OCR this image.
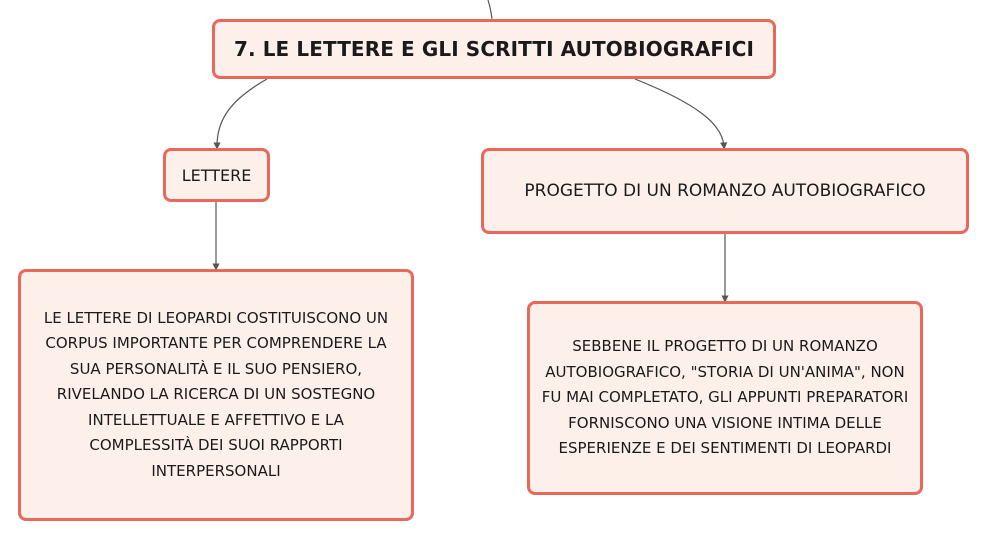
7. LE LETTERE E GLI SCRITTI AUTOBIOGRAFICI
LETTERE
PROGETTO DI UN ROMANZO AUTOBIOGRAFICO
LE LETTERE DI LEOPARDI COSTITUISCONO UN CORPUS IMPORTANTE PER COMPRENDERE LA SUA PERSONALITÀ E IL SUO PENSIERO, RIVELANDO LA RICERCA DI UN SOSTEGNO INTELLETTUALE E AFFETTIVO E LA COMPLESSITÀ DEI SUOI RAPPORTI INTERPERSONALI
SEBBENE IL PROGETTO DI UN ROMANZO AUTOBIOGRAFICO, "STORIA DI UN'ANIMA", NON FU MAI COMPLETATO, GLI APPUNTI PREPARATORI FORNISCONO UNA VISIONE INTIMA DELLE ESPERIENZE E DEI SENTIMENTI DI LEOPARDI
